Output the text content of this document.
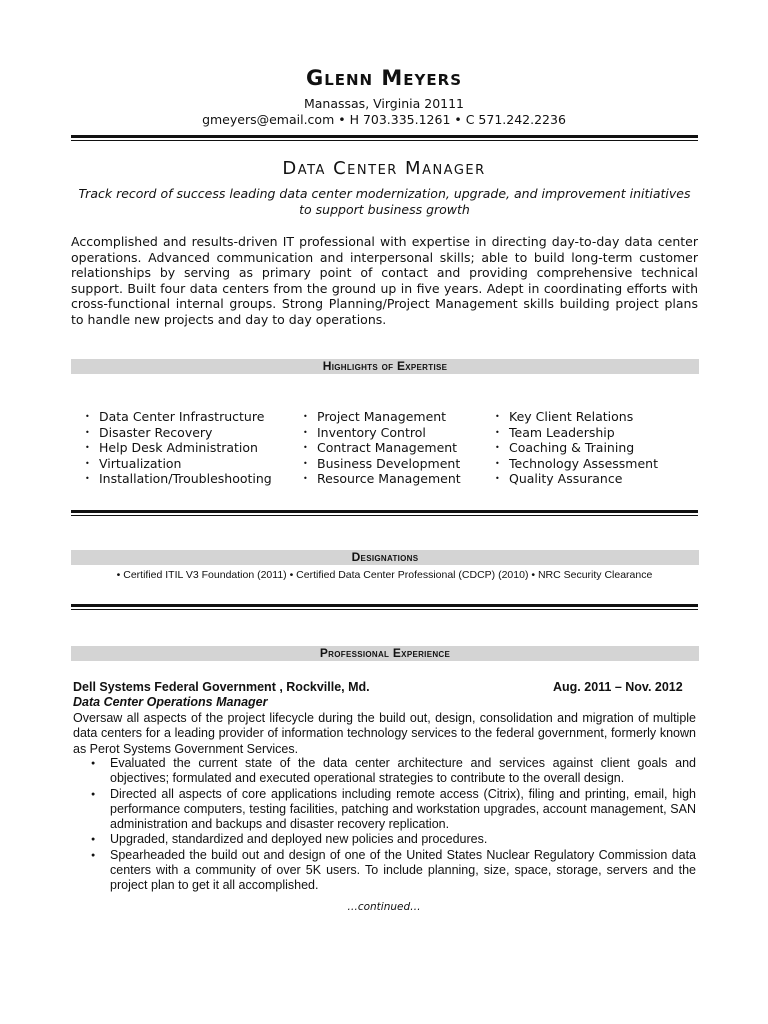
Glenn Meyers
Manassas, Virginia 20111
gmeyers@email.com • H 703.335.1261 • C 571.242.2236
Data Center Manager
Track record of success leading data center modernization, upgrade, and improvement initiatives to support business growth
Accomplished and results-driven IT professional with expertise in directing day-to-day data center operations. Advanced communication and interpersonal skills; able to build long-term customer relationships by serving as primary point of contact and providing comprehensive technical support. Built four data centers from the ground up in five years. Adept in coordinating efforts with cross-functional internal groups. Strong Planning/Project Management skills building project plans to handle new projects and day to day operations.
Highlights of Expertise
• Data Center Infrastructure
• Disaster Recovery
• Help Desk Administration
• Virtualization
• Installation/Troubleshooting
• Project Management
• Inventory Control
• Contract Management
• Business Development
• Resource Management
• Key Client Relations
• Team Leadership
• Coaching & Training
• Technology Assessment
• Quality Assurance
Designations
• Certified ITIL V3 Foundation (2011) • Certified Data Center Professional (CDCP) (2010) • NRC Security Clearance
Professional Experience
Dell Systems Federal Government , Rockville, Md.	Aug. 2011 – Nov. 2012
Data Center Operations Manager
Oversaw all aspects of the project lifecycle during the build out, design, consolidation and migration of multiple data centers for a leading provider of information technology services to the federal government, formerly known as Perot Systems Government Services.
● Evaluated the current state of the data center architecture and services against client goals and objectives; formulated and executed operational strategies to contribute to the overall design.
● Directed all aspects of core applications including remote access (Citrix), filing and printing, email, high performance computers, testing facilities, patching and workstation upgrades, account management, SAN administration and backups and disaster recovery replication.
● Upgraded, standardized and deployed new policies and procedures.
● Spearheaded the build out and design of one of the United States Nuclear Regulatory Commission data centers with a community of over 5K users. To include planning, size, space, storage, servers and the project plan to get it all accomplished.
…continued…
